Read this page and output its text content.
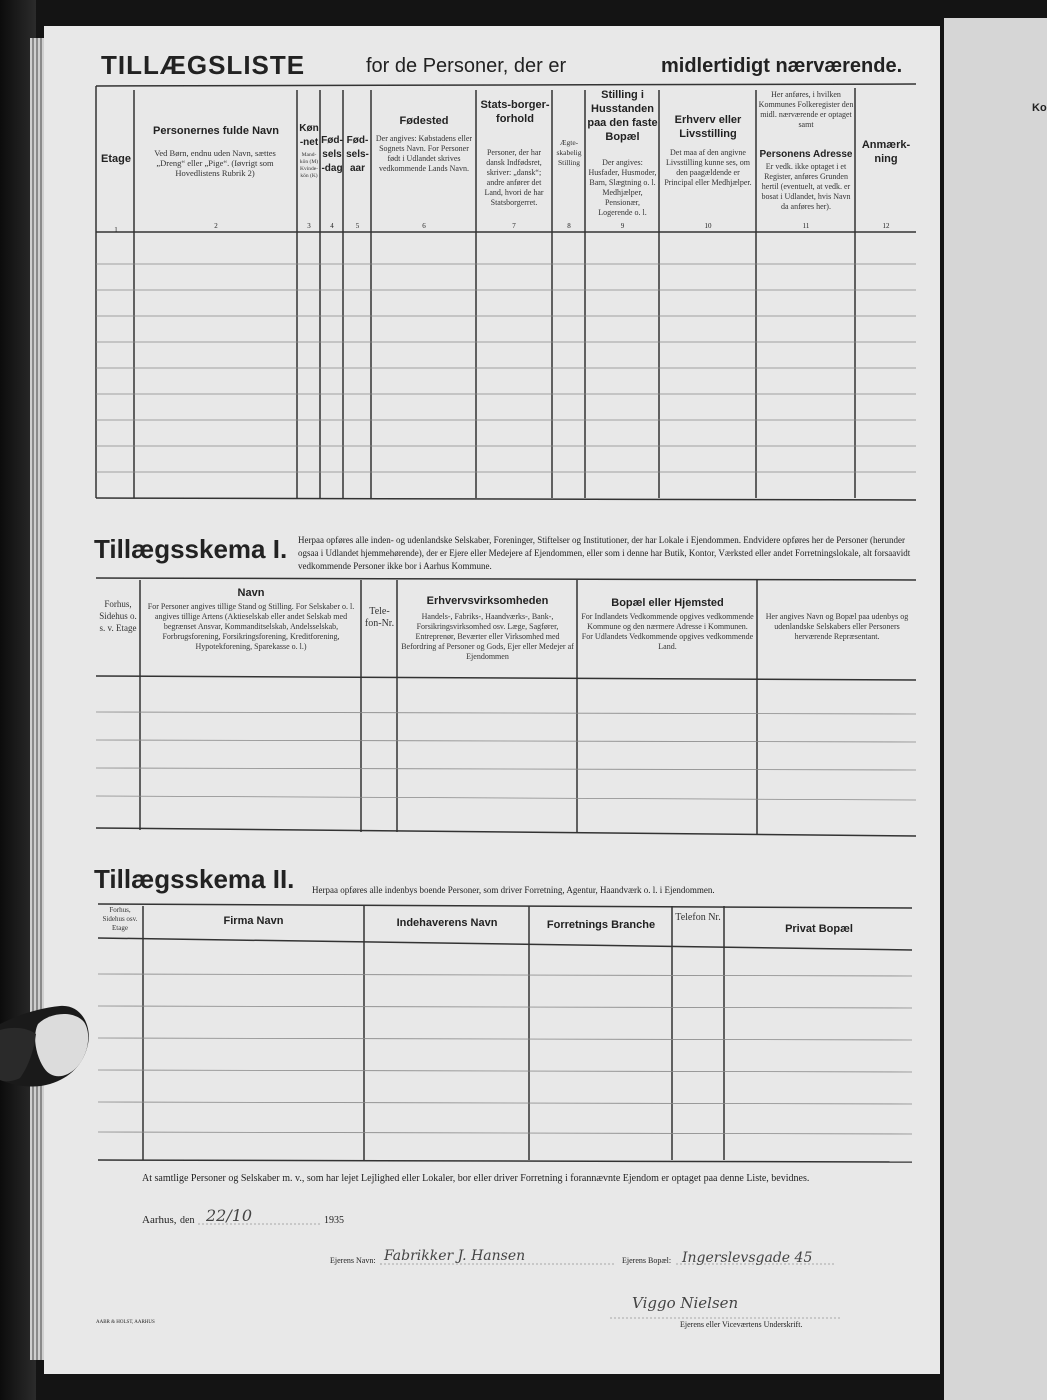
Ko
TILLÆGSLISTE	for de Personer, der er	midlertidigt nærværende.
Etage
Personernes fulde Navn
Ved Børn, endnu uden Navn, sættes „Dreng“ eller „Pige“. (Iøvrigt som Hovedlistens Rubrik 2)
Køn-net
Mand-kön (M) Kvinde-kön (K)
Fød-sels-dag
Fød-sels-aar
Fødested
Der angives: Købstadens eller Sognets Navn. For Personer født i Udlandet skrives vedkommende Lands Navn.
Stats-borger-forhold
Personer, der har dansk Indfødsret, skriver: „dansk“; andre anfører det Land, hvori de har Statsborgerret.
Ægte-skabelig Stilling
Stilling i Husstanden paa den faste Bopæl
Der angives: Husfader, Husmoder, Barn, Slægtning o. l. Medhjælper, Pensionær, Logerende o. l.
Erhverv eller Livsstilling
Det maa af den angivne Livsstilling kunne ses, om den paagældende er Principal eller Medhjælper.
Her anføres, i hvilken Kommunes Folkeregister den midl. nærværende er optaget samt
Personens Adresse
Er vedk. ikke optaget i et Register, anføres Grunden hertil (eventuelt, at vedk. er bosat i Udlandet, hvis Navn da anføres her).
Anmærk-ning
1	2	3	4	5	6	7	8	9	10	11	12
Tillægsskema I. Herpaa opføres alle inden- og udenlandske Selskaber, Foreninger, Stiftelser og Institutioner, der har Lokale i Ejendommen. Endvidere opføres her de Personer (herunder ogsaa i Udlandet hjemmehørende), der er Ejere eller Medejere af Ejendommen, eller som i denne har Butik, Kontor, Værksted eller andet Forretningslokale, alt forsaavidt vedkommende Personer ikke bor i Aarhus Kommune.
Forhus, Sidehus o. s. v. Etage
Navn
For Personer angives tillige Stand og Stilling. For Selskaber o. l. angives tillige Artens (Aktieselskab eller andet Selskab med begrænset Ansvar, Kommanditselskab, Andelsselskab, Forbrugsforening, Forsikringsforening, Kreditforening, Hypotekforening, Sparekasse o. l.)
Tele-fon-Nr.
Erhvervsvirksomheden
Handels-, Fabriks-, Haandværks-, Bank-, Forsikringsvirksomhed osv. Læge, Sagfører, Entreprenør, Beværter eller Virksomhed med Befordring af Personer og Gods, Ejer eller Medejer af Ejendommen
Bopæl eller Hjemsted
For Indlandets Vedkommende opgives vedkommende Kommune og den nærmere Adresse i Kommunen. For Udlandets Vedkommende opgives vedkommende Land.
Her angives Navn og Bopæl paa udenbys og udenlandske Selskabers eller Personers herværende Repræsentant.
Tillægsskema II. Herpaa opføres alle indenbys boende Personer, som driver Forretning, Agentur, Haandværk o. l. i Ejendommen.
Forhus, Sidehus osv. Etage
Firma Navn	Indehaverens Navn	Forretnings Branche
Telefon Nr.
Privat Bopæl
At samtlige Personer og Selskaber m. v., som har lejet Lejlighed eller Lokaler, bor eller driver Forretning i forannævnte Ejendom er optaget paa denne Liste, bevidnes.
Aarhus, den 22/10	1935
Ejerens Navn: Fabrikker J. Hansen	Ejerens Bopæl: Ingerslevsgade 45
Viggo Nielsen
Ejerens eller Viceværtens Underskrift.
AABR & HOLST, AARHUS
